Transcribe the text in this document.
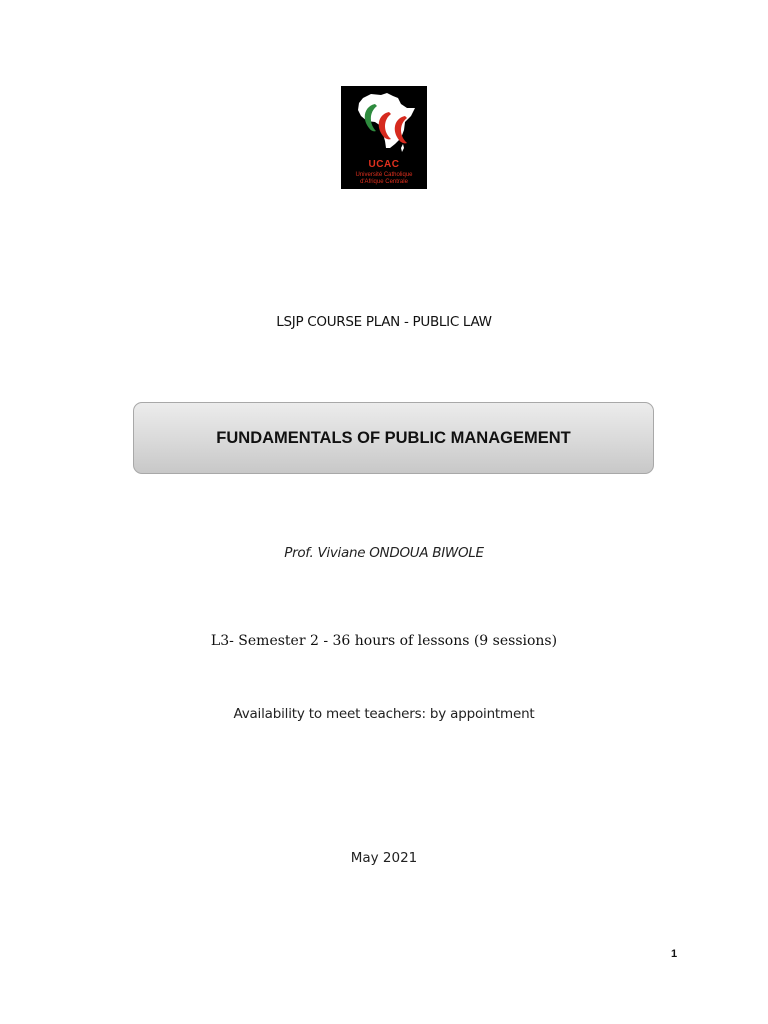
UCAC
Université Catholique
d'Afrique Centrale
LSJP COURSE PLAN - PUBLIC LAW
FUNDAMENTALS OF PUBLIC MANAGEMENT
Prof. Viviane ONDOUA BIWOLE
L3- Semester 2 - 36 hours of lessons (9 sessions)
Availability to meet teachers: by appointment
May 2021
1
